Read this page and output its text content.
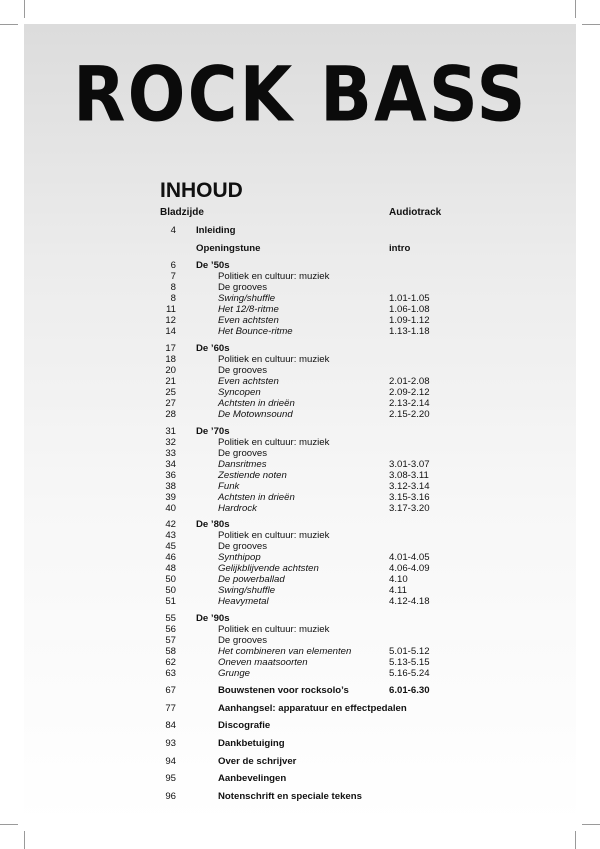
ROCK BASS
INHOUD
Bladzijde	Audiotrack
4 Inleiding
Openingstune	intro
6 De ’50s
7	Politiek en cultuur: muziek
8	De grooves
8	Swing/shuffle	1.01-1.05
11	Het 12/8-ritme	1.06-1.08
12	Even achtsten	1.09-1.12
14	Het Bounce-ritme	1.13-1.18
17 De ’60s
18	Politiek en cultuur: muziek
20	De grooves
21	Even achtsten	2.01-2.08
25	Syncopen	2.09-2.12
27	Achtsten in drieën	2.13-2.14
28	De Motownsound	2.15-2.20
31 De ’70s
32	Politiek en cultuur: muziek
33	De grooves
34	Dansritmes	3.01-3.07
36	Zestiende noten	3.08-3.11
38	Funk	3.12-3.14
39	Achtsten in drieën	3.15-3.16
40	Hardrock	3.17-3.20
42 De ’80s
43	Politiek en cultuur: muziek
45	De grooves
46	Synthipop	4.01-4.05
48	Gelijkblijvende achtsten	4.06-4.09
50	De powerballad	4.10
50	Swing/shuffle	4.11
51	Heavymetal	4.12-4.18
55 De ’90s
56	Politiek en cultuur: muziek
57	De grooves
58	Het combineren van elementen	5.01-5.12
62	Oneven maatsoorten	5.13-5.15
63	Grunge	5.16-5.24
67	Bouwstenen voor rocksolo’s	6.01-6.30
77	Aanhangsel: apparatuur en effectpedalen
84	Discografie
93	Dankbetuiging
94	Over de schrijver
95	Aanbevelingen
96	Notenschrift en speciale tekens
